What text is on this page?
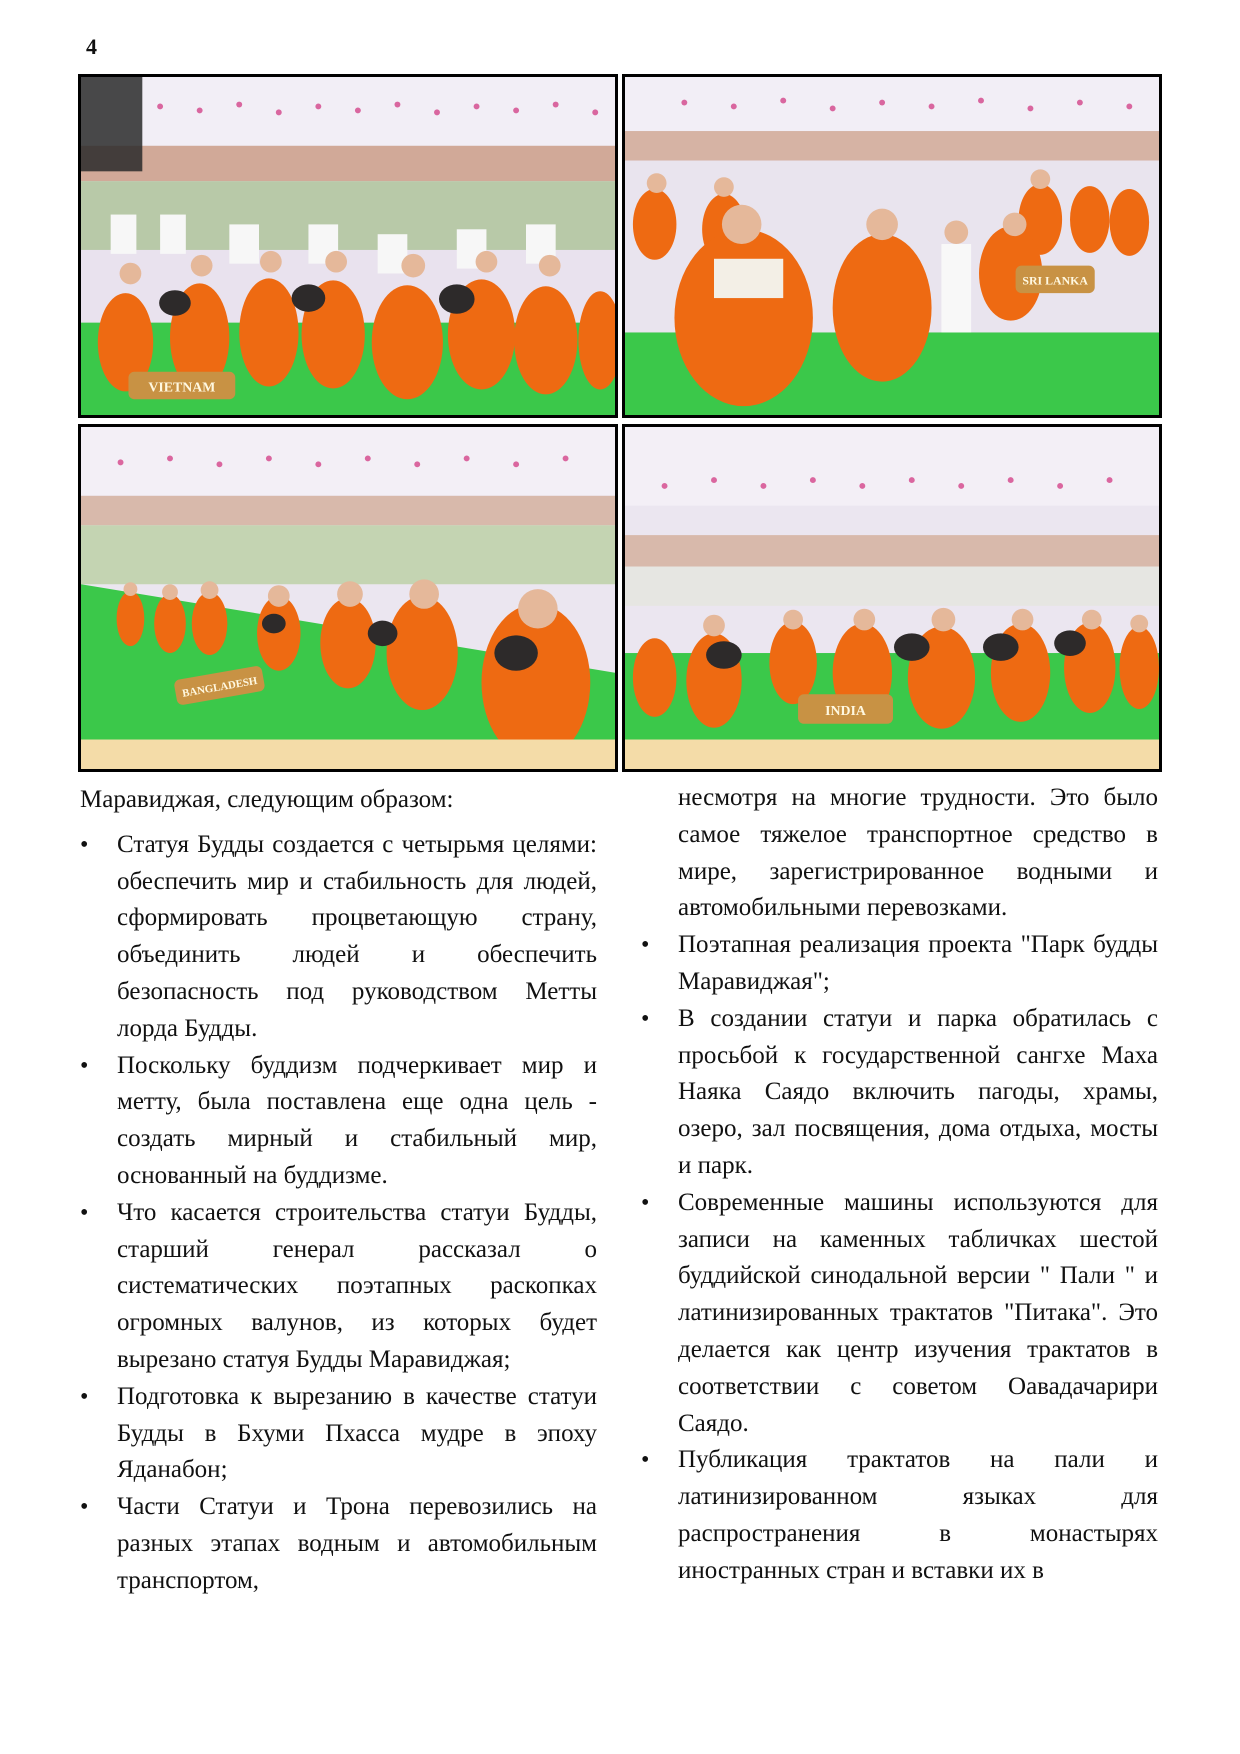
4
VIETNAM
SRI LANKA
BANGLADESH
INDIA

Маравиджая, следующим образом:

• Статуя Будды создается с четырьмя целями: обеспечить мир и стабильность для людей, сформировать процветающую страну, объединить людей и обеспечить безопасность под руководством Метты лорда Будды.
• Поскольку буддизм подчеркивает мир и метту, была поставлена еще одна цель - создать мирный и стабильный мир, основанный на буддизме.
• Что касается строительства статуи Будды, старший генерал рассказал о систематических поэтапных раскопках огромных валунов, из которых будет вырезано статуя Будды Маравиджая;
• Подготовка к вырезанию в качестве статуи Будды в Бхуми Пхасса мудре в эпоху Яданабон;
• Части Статуи и Трона перевозились на разных этапах водным и автомобильным транспортом,
несмотря на многие трудности. Это было самое тяжелое транспортное средство в мире, зарегистрированное водными и автомобильными перевозками.
• Поэтапная реализация проекта "Парк будды Маравиджая";
• В создании статуи и парка обратилась с просьбой к государственной сангхе Маха Наяка Саядо включить пагоды, храмы, озеро, зал посвящения, дома отдыха, мосты и парк.
• Современные машины используются для записи на каменных табличках шестой буддийской синодальной версии " Пали " и латинизированных трактатов "Питака". Это делается как центр изучения трактатов в соответствии с советом Оавадачарири Саядо.
• Публикация трактатов на пали и латинизированном языках для распространения в монастырях иностранных стран и вставки их в
